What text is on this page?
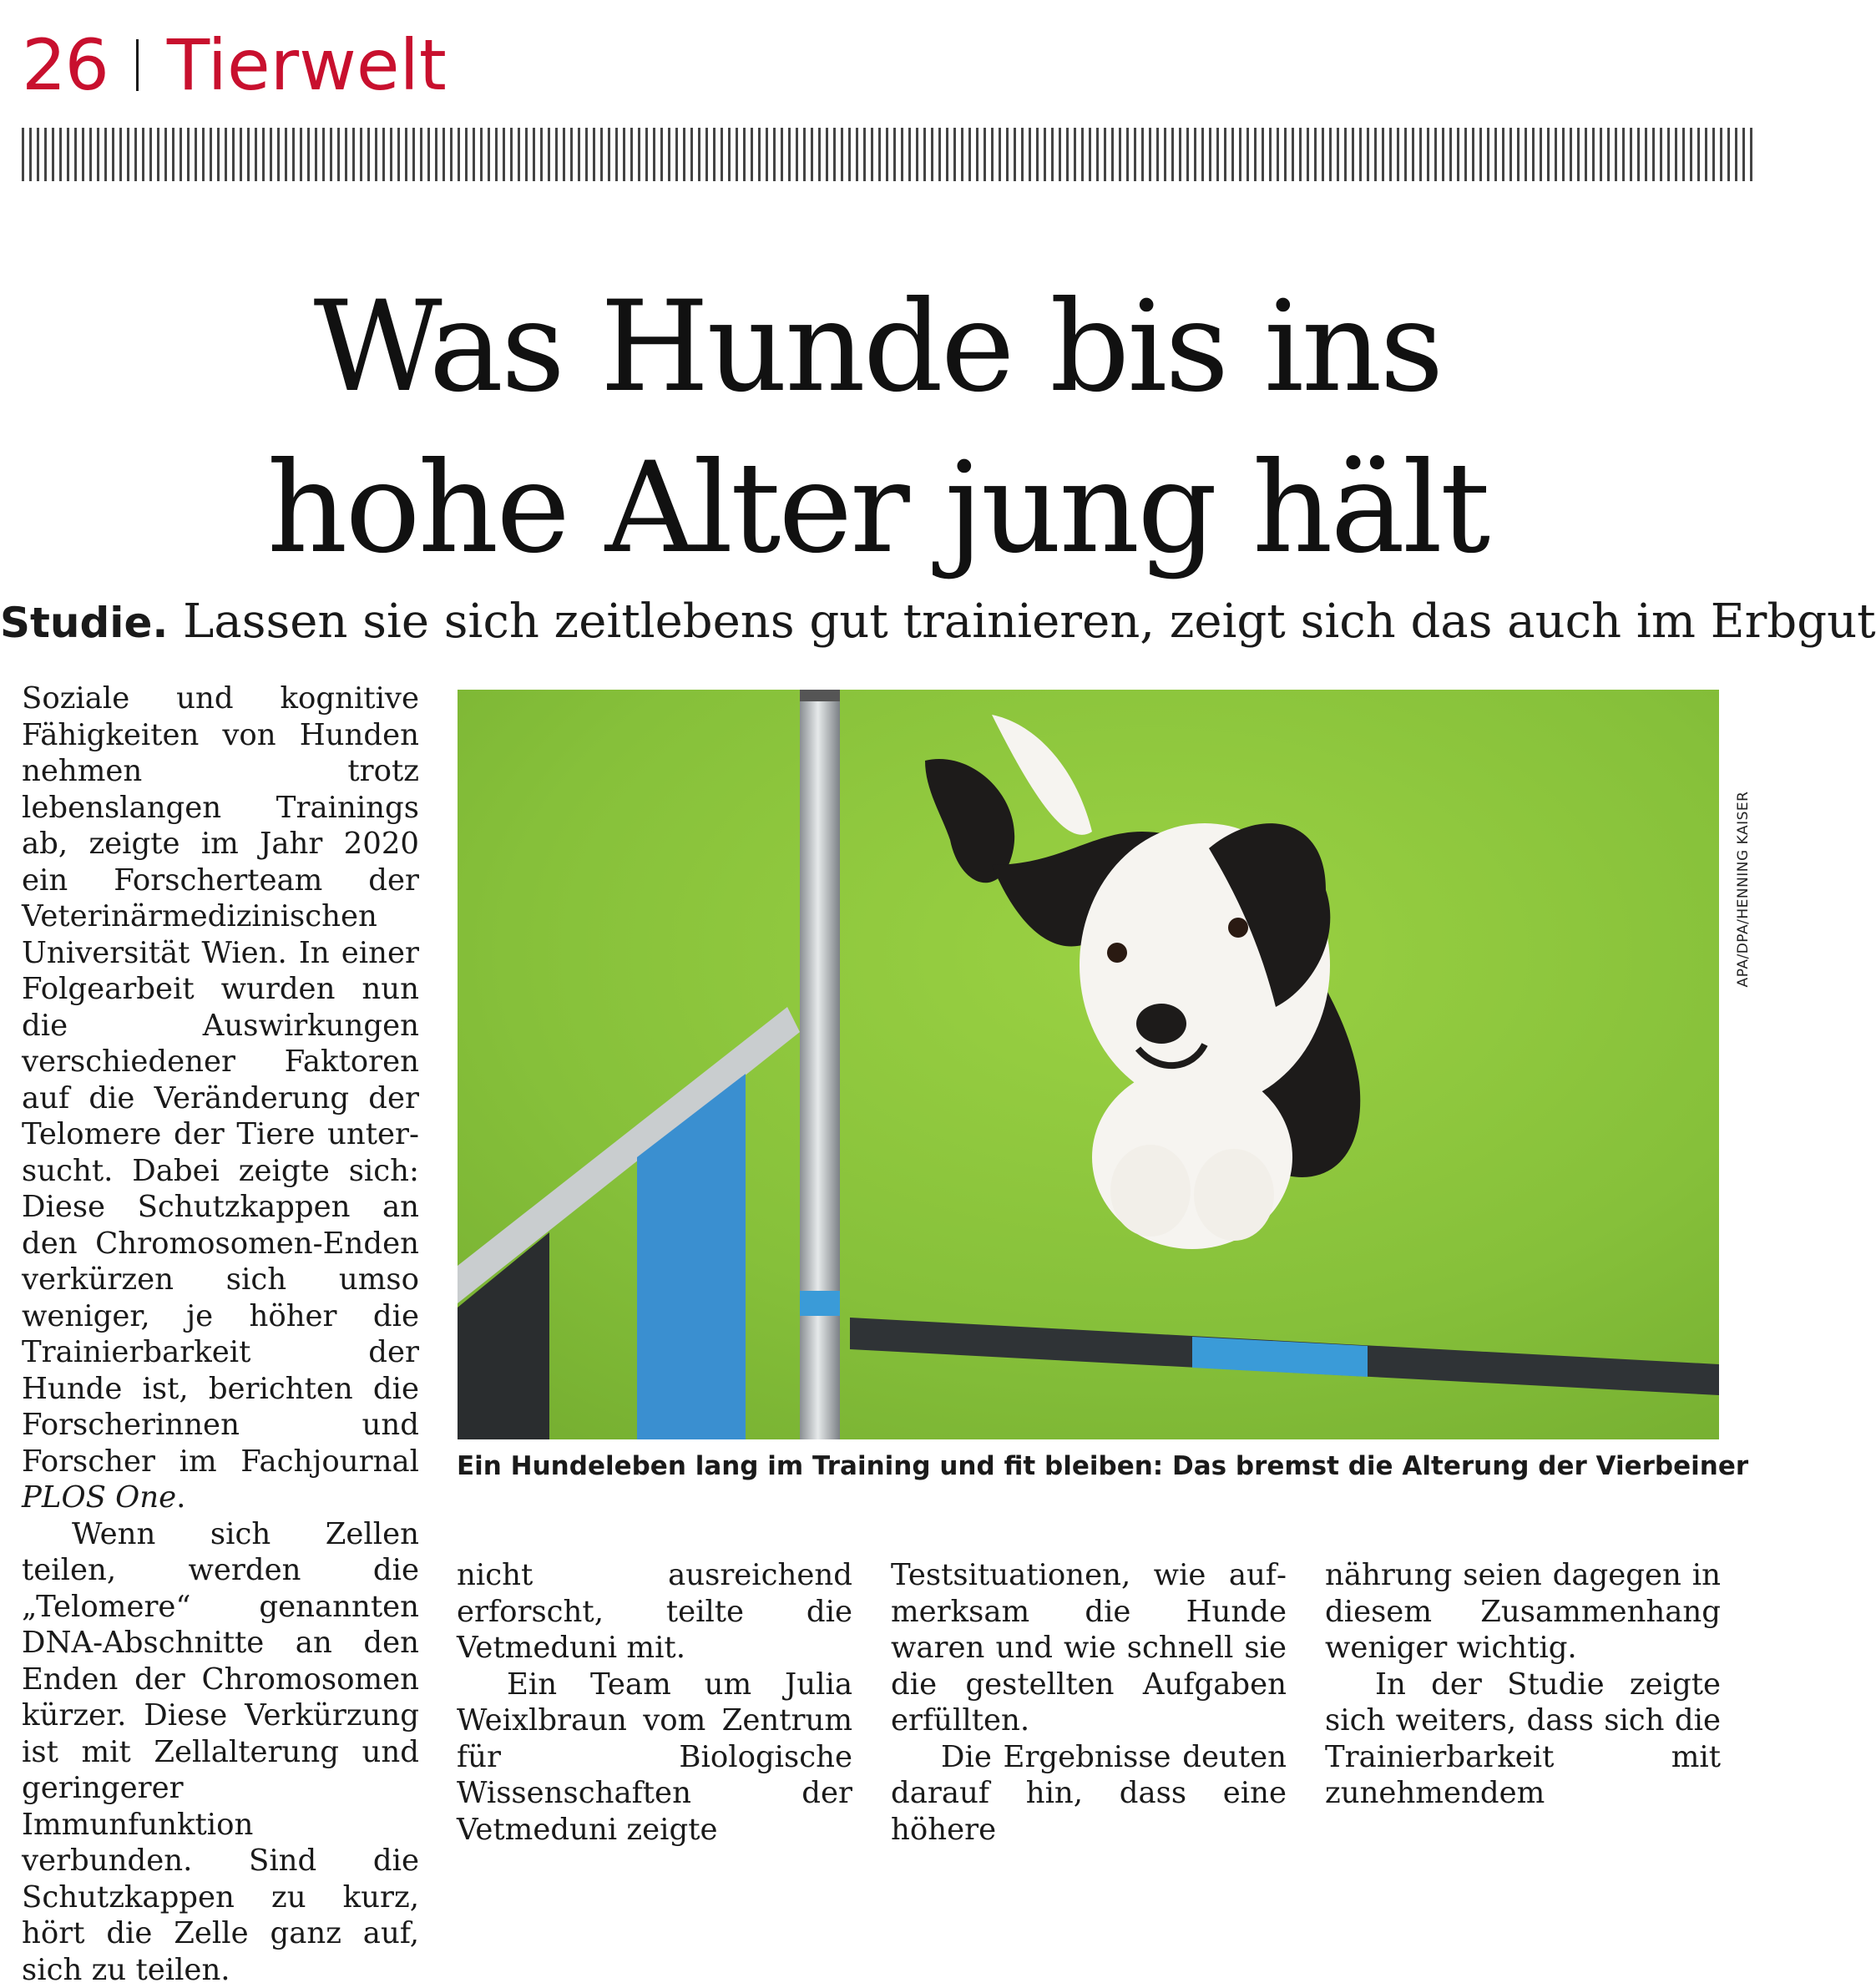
26 Tierwelt
Was Hunde bis ins
hohe Alter jung hält
Studie. Lassen sie sich zeitlebens gut trainieren, zeigt sich das auch im Erbgut

Soziale und kognitive Fähigkeiten von Hunden nehmen trotz lebenslangen Trainings ab, zeigte im Jahr 2020 ein Forscherteam der Veterinärmedizinischen Universität Wien. In einer Folgearbeit wurden nun die Auswirkungen verschiedener Faktoren auf die Veränderung der Telomere der Tiere untersucht. Dabei zeigte sich: Diese Schutzkappen an den Chromosomen-Enden verkürzen sich umso weniger, je höher die Trainierbarkeit der Hunde ist, berichten die Forscherinnen und Forscher im Fachjournal PLOS One.

Wenn sich Zellen teilen, werden die „Telomere“ genannten DNA-Abschnitte an den Enden der Chromosomen kürzer. Diese Verkürzung ist mit Zellalterung und geringerer Immunfunktion verbunden. Sind die Schutzkappen zu kurz, hört die Zelle ganz auf, sich zu teilen.

APA/DPA/HENNING KAISER
Ein Hundeleben lang im Training und fit bleiben: Das bremst die Alterung der Vierbeiner

nicht ausreichend erforscht, teilte die Vetmeduni mit.

Ein Team um Julia Weixlbraun vom Zentrum für Biologische Wissenschaften der Vetmeduni zeigte

Testsituationen, wie aufmerksam die Hunde waren und wie schnell sie die gestellten Aufgaben erfüllten.

Die Ergebnisse deuten darauf hin, dass eine höhere

nährung seien dagegen in diesem Zusammenhang weniger wichtig.

In der Studie zeigte sich weiters, dass sich die Trainierbarkeit mit zunehmendem
